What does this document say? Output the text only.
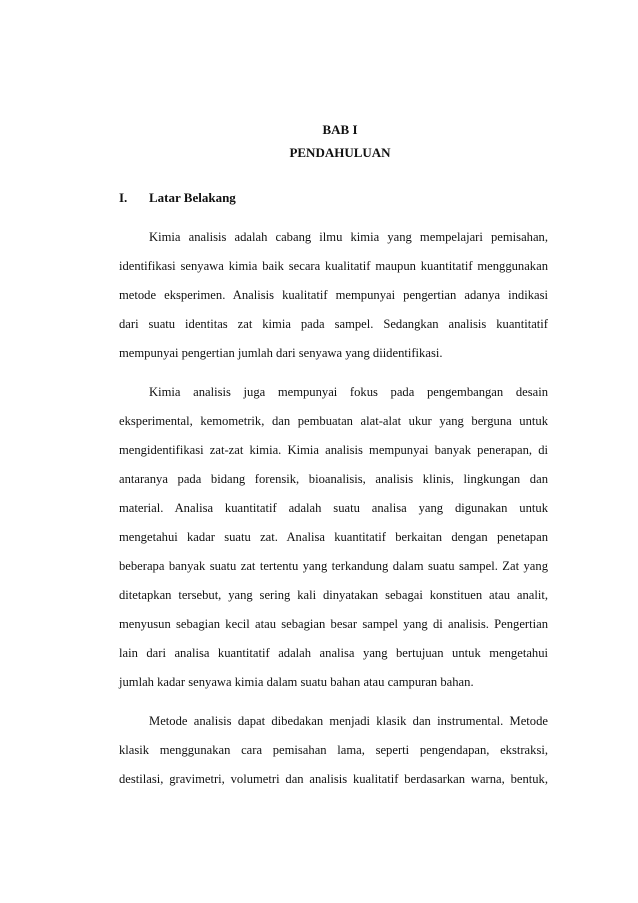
BAB I
PENDAHULUAN
I. Latar Belakang
Kimia analisis adalah cabang ilmu kimia yang mempelajari pemisahan,
identifikasi senyawa kimia baik secara kualitatif maupun kuantitatif menggunakan
metode eksperimen. Analisis kualitatif mempunyai pengertian adanya indikasi
dari suatu identitas zat kimia pada sampel. Sedangkan analisis kuantitatif
mempunyai pengertian jumlah dari senyawa yang diidentifikasi.
Kimia analisis juga mempunyai fokus pada pengembangan desain
eksperimental, kemometrik, dan pembuatan alat-alat ukur yang berguna untuk
mengidentifikasi zat-zat kimia. Kimia analisis mempunyai banyak penerapan, di
antaranya pada bidang forensik, bioanalisis, analisis klinis, lingkungan dan
material. Analisa kuantitatif adalah suatu analisa yang digunakan untuk
mengetahui kadar suatu zat. Analisa kuantitatif berkaitan dengan penetapan
beberapa banyak suatu zat tertentu yang terkandung dalam suatu sampel. Zat yang
ditetapkan tersebut, yang sering kali dinyatakan sebagai konstituen atau analit,
menyusun sebagian kecil atau sebagian besar sampel yang di analisis. Pengertian
lain dari analisa kuantitatif adalah analisa yang bertujuan untuk mengetahui
jumlah kadar senyawa kimia dalam suatu bahan atau campuran bahan.
Metode analisis dapat dibedakan menjadi klasik dan instrumental. Metode
klasik menggunakan cara pemisahan lama, seperti pengendapan, ekstraksi,
destilasi, gravimetri, volumetri dan analisis kualitatif berdasarkan warna, bentuk,
